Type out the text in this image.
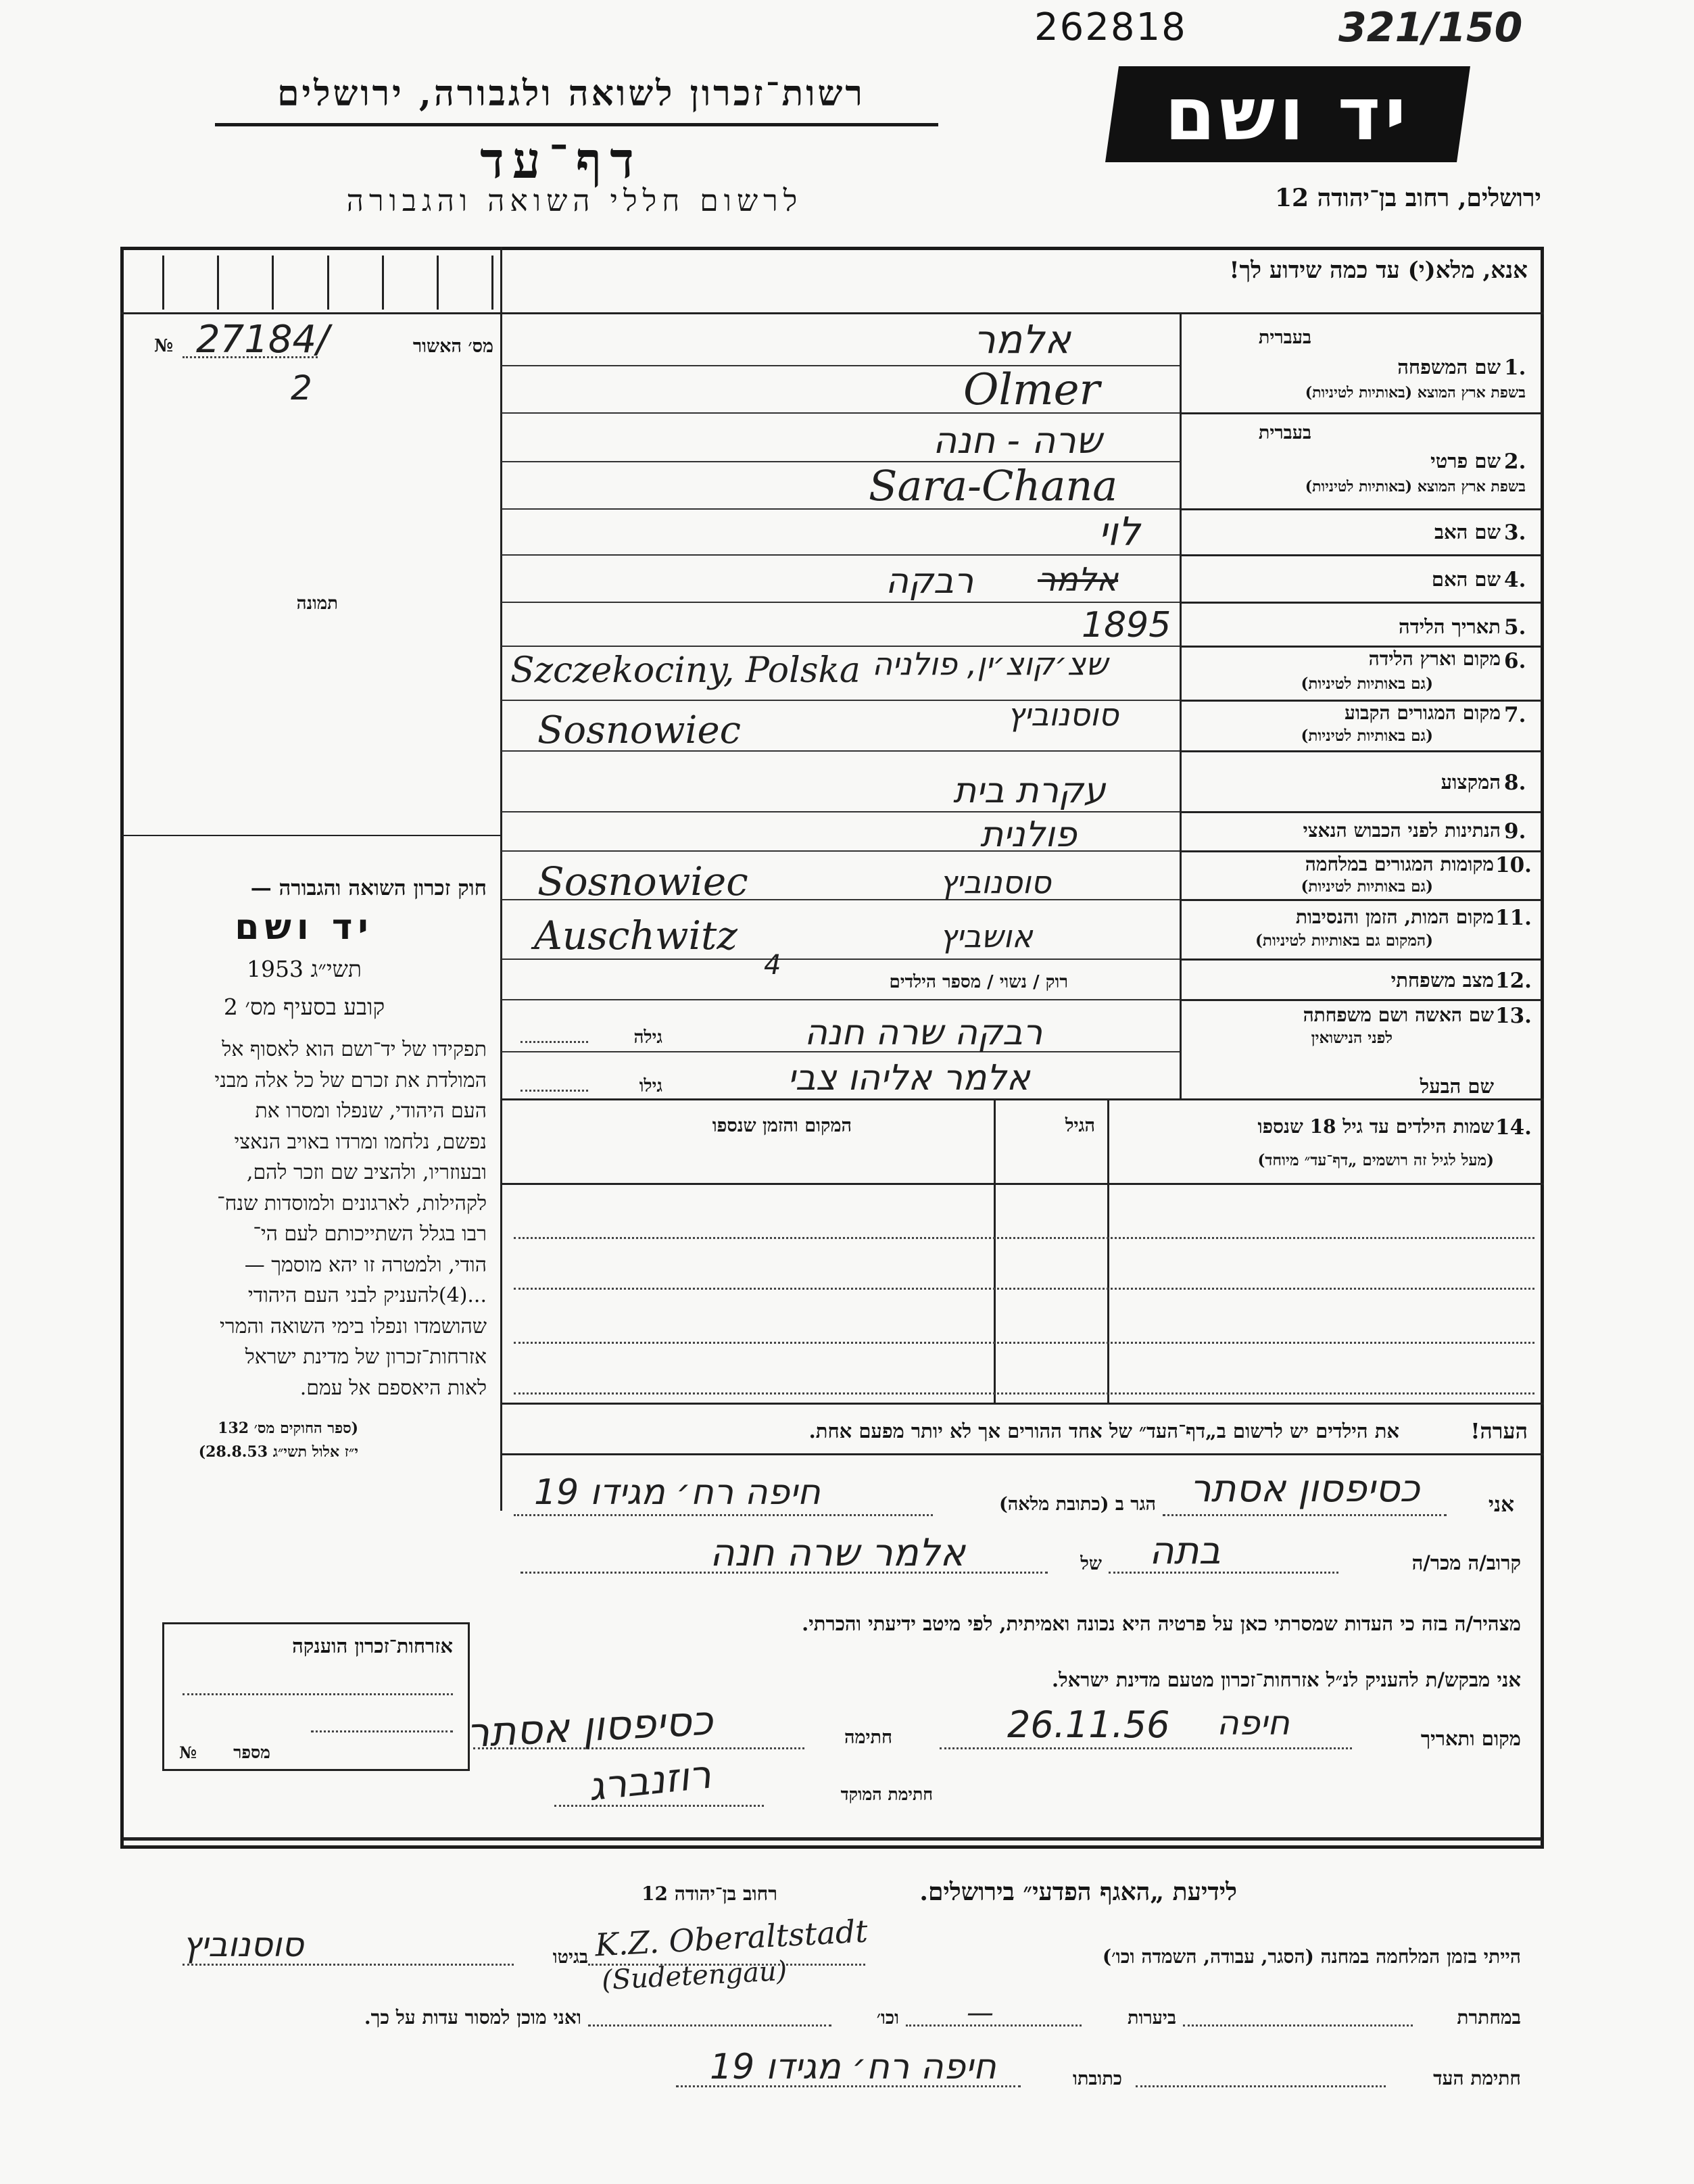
262818	321/150
רשות־זכרון לשואה ולגבורה, ירושלים
דף־עד
לרשום חללי השואה והגבורה
יד ושם
ירושלים, רחוב בן־יהודה 12
אנא, מלא(י) עד כמה שידוע לך!
מס׳ האשור
№ 27184/
2
תמונה
חוק זכרון השואה והגבורה —
יד ושם
תשי״ג 1953
קובע בסעיף מס׳ 2
תפקידו של יד־ושם הוא לאסוף אל
המולדת את זכרם של כל אלה מבני
העם היהודי, שנפלו ומסרו את
נפשם, נלחמו ומרדו באויב הנאצי
ובעוזריו, ולהציב שם וזכר להם,
לקהילות, לארגונים ולמוסדות שנח־
רבו בגלל השתייכותם לעם הי־
הודי, ולמטרה זו יהא מוסמך —
...(4)להעניק לבני העם היהודי
שהושמדו ונפלו בימי השואה והמרי
אזרחות־זכרון של מדינת ישראל
לאות היאספם אל עמם.
(ספר החוקים מס׳ 132
י״ז אלול תשי״ג 28.8.53)
1.
שם המשפחה
בעברית
בשפת ארץ המוצא (באותיות לטיניות)
אלמר
Olmer
2.
שם פרטי
בעברית
בשפת ארץ המוצא (באותיות לטיניות)
שרה - חנה
Sara-Chana
3.
שם האב
לוי
4.
שם האם
רבקה אלמר
5.
תאריך הלידה
1895
6.
מקום וארץ הלידה
(גם באותיות לטיניות)
Szczekociny, Polska שצ׳קוצ׳ין, פולניה
7.
מקום המגורים הקבוע
(גם באותיות לטיניות)
Sosnowiec	סוסנוביץ
8.
המקצוע
עקרת בית
9.
הנתינות לפני הכבוש הנאצי
פולנית
10.
מקומות המגורים במלחמה
(גם באותיות לטיניות)
Sosnowiec	סוסנוביץ
11.
מקום המות, הזמן והנסיבות
(המקום גם באותיות לטיניות)
Auschwitz	אושביץ
12.
מצב משפחתי
רוק / נשוי / מספר הילדים
4
13.
שם האשה ושם משפחתה
לפני הנישואין
גילה	רבקה שרה חנה
שם הבעל
גילו	אלמר אליהו צבי
14.
שמות הילדים עד גיל 18 שנספו
(מעל לגיל זה רושמים „דף־עד״ מיוחד)
הגיל
המקום והזמן שנספו
הערה!
את הילדים יש לרשום ב„דף־העד״ של אחד ההורים אך לא יותר מפעם אחת.
אני
כסיפסון אסתר
הגר ב (כתובת מלאה)
חיפה רח׳ מגידו 19
קרוב/ה מכר/ה
בתה
של
אלמר שרה חנה
מצהיר/ה בזה כי העדות שמסרתי כאן על פרטיה היא נכונה ואמיתית, לפי מיטב ידיעתי והכרתי.
אני מבקש/ת להעניק לנ״ל אזרחות־זכרון מטעם מדינת ישראל.
מקום ותאריך
26.11.56 חיפה
חתימה
כסיפסון אסתר
חתימת המוקד
רוזנברג
אזרחות־זכרון הוענקה
מספר
№
לידיעת „האגף הפדעי״ בירושלים.
רחוב בן־יהודה 12
הייתי בזמן המלחמה במחנה (הסגר, עבודה, השמדה וכו׳)
K.Z. Oberaltstadt
(Sudetengau)
בגיטו
סוסנוביץ
במחתרת
ביערות
—
וכו׳
ואני מוכן למסור עדות על כך.
חתימת העד
כתובתו
חיפה רח׳ מגידו 19
